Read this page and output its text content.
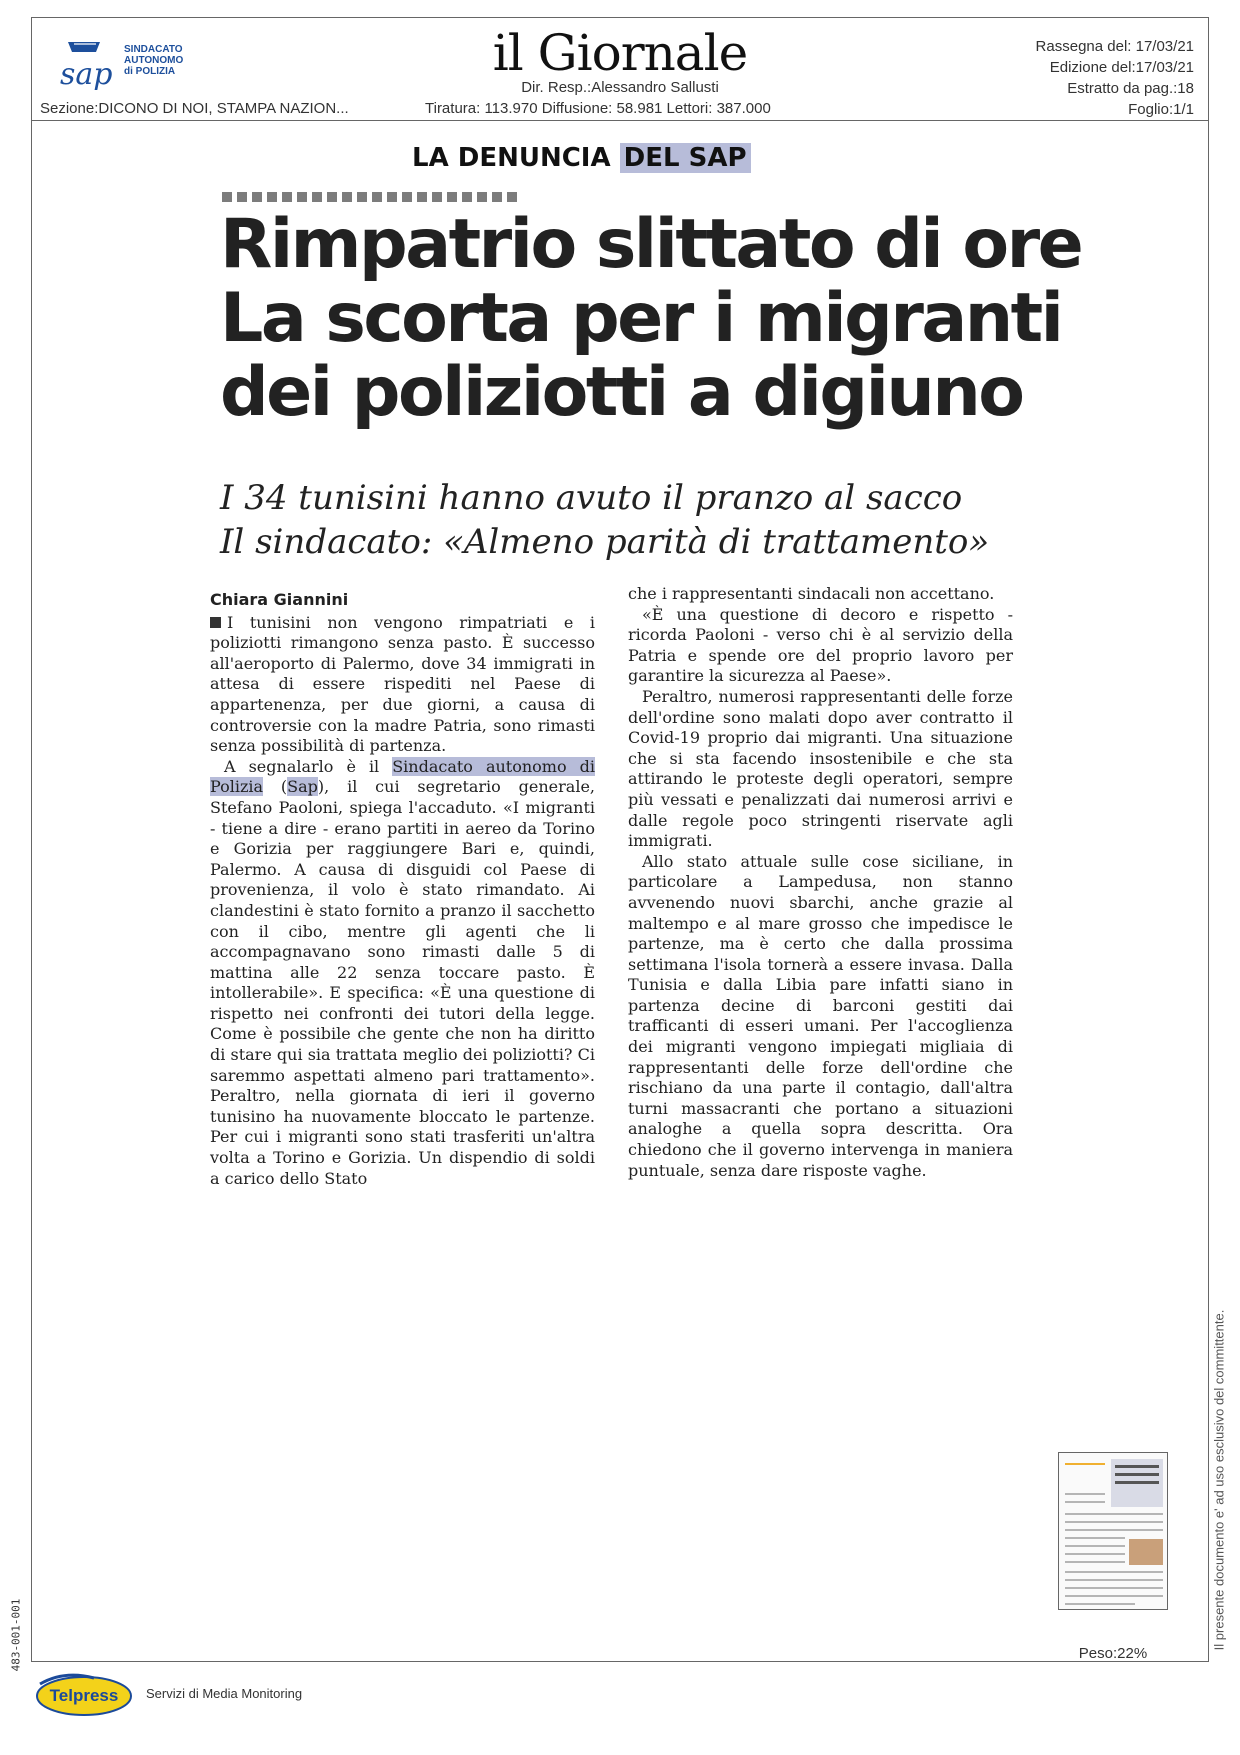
sap
SINDACATO
AUTONOMO
di POLIZIA	il Giornale
Dir. Resp.:Alessandro Sallusti
Sezione:DICONO DI NOI, STAMPA NAZION...	Tiratura: 113.970 Diffusione: 58.981 Lettori: 387.000
Rassegna del: 17/03/21
Edizione del:17/03/21
Estratto da pag.:18
Foglio:1/1
LA DENUNCIA DEL SAP
Rimpatrio slittato di ore
La scorta per i migranti
dei poliziotti a digiuno
I 34 tunisini hanno avuto il pranzo al sacco
Il sindacato: «Almeno parità di trattamento»
Chiara Giannini

I tunisini non vengono rimpatriati e i poliziotti rimangono senza pasto. È successo all'aeroporto di Palermo, dove 34 immigrati in attesa di essere rispediti nel Paese di appartenenza, per due giorni, a causa di controversie con la madre Patria, sono rimasti senza possibilità di partenza.

A segnalarlo è il Sindacato autonomo di Polizia (Sap), il cui segretario generale, Stefano Paoloni, spiega l'accaduto. «I migranti - tiene a dire - erano partiti in aereo da Torino e Gorizia per raggiungere Bari e, quindi, Palermo. A causa di disguidi col Paese di provenienza, il volo è stato rimandato. Ai clandestini è stato fornito a pranzo il sacchetto con il cibo, mentre gli agenti che li accompagnavano sono rimasti dalle 5 di mattina alle 22 senza toccare pasto. È intollerabile». E specifica: «È una questione di rispetto nei confronti dei tutori della legge. Come è possibile che gente che non ha diritto di stare qui sia trattata meglio dei poliziotti? Ci saremmo aspettati almeno pari trattamento». Peraltro, nella giornata di ieri il governo tunisino ha nuovamente bloccato le partenze. Per cui i migranti sono stati trasferiti un'altra volta a Torino e Gorizia. Un dispendio di soldi a carico dello Stato

che i rappresentanti sindacali non accettano.

«È una questione di decoro e rispetto - ricorda Paoloni - verso chi è al servizio della Patria e spende ore del proprio lavoro per garantire la sicurezza al Paese».

Peraltro, numerosi rappresentanti delle forze dell'ordine sono malati dopo aver contratto il Covid-19 proprio dai migranti. Una situazione che si sta facendo insostenibile e che sta attirando le proteste degli operatori, sempre più vessati e penalizzati dai numerosi arrivi e dalle regole poco stringenti riservate agli immigrati.

Allo stato attuale sulle cose siciliane, in particolare a Lampedusa, non stanno avvenendo nuovi sbarchi, anche grazie al maltempo e al mare grosso che impedisce le partenze, ma è certo che dalla prossima settimana l'isola tornerà a essere invasa. Dalla Tunisia e dalla Libia pare infatti siano in partenza decine di barconi gestiti dai trafficanti di esseri umani. Per l'accoglienza dei migranti vengono impiegati migliaia di rappresentanti delle forze dell'ordine che rischiano da una parte il contagio, dall'altra turni massacranti che portano a situazioni analoghe a quella sopra descritta. Ora chiedono che il governo intervenga in maniera puntuale, senza dare risposte vaghe.

Peso:22%
Il presente documento e' ad uso esclusivo del committente.
483-001-001
Telpress Servizi di Media Monitoring
